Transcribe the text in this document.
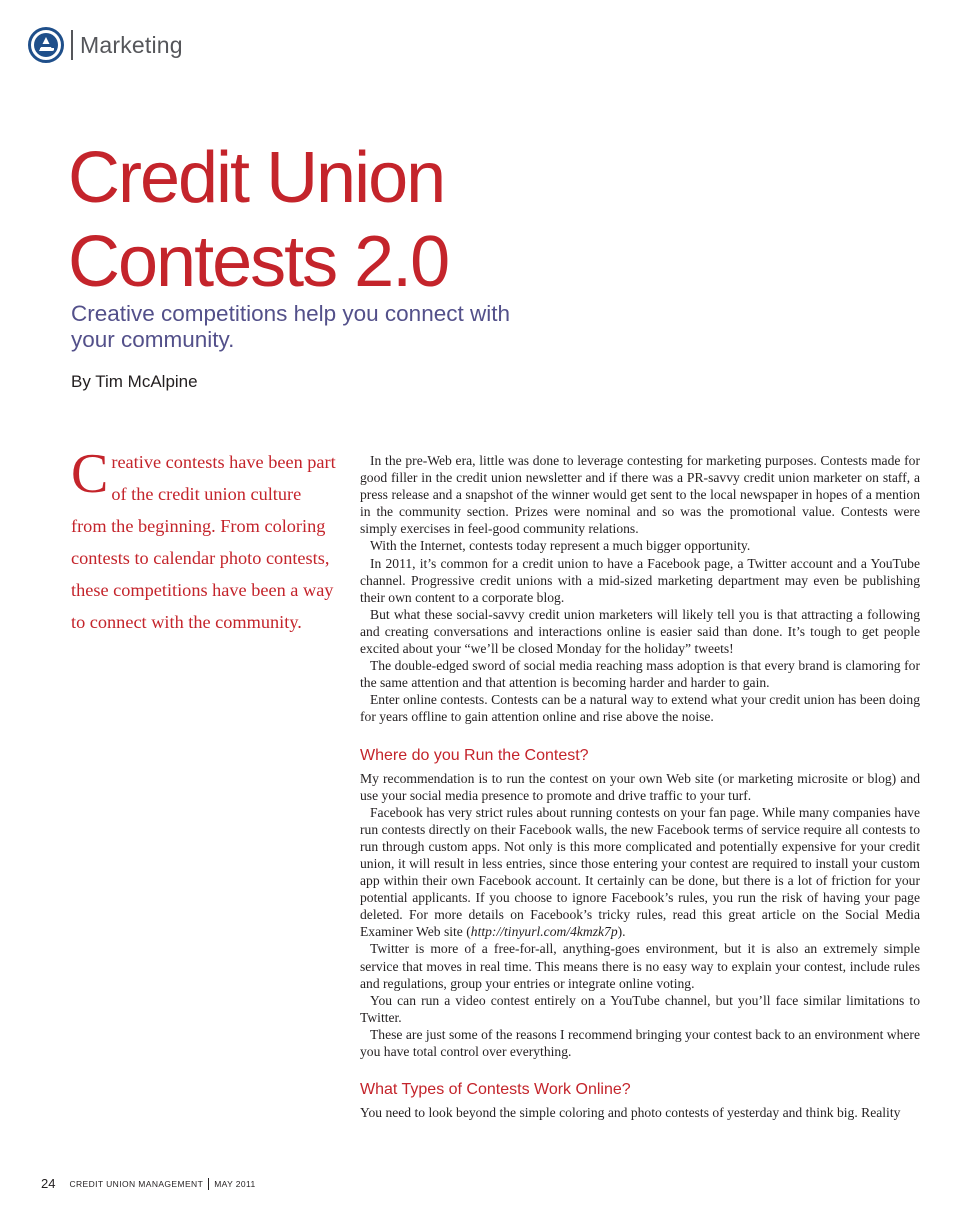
Marketing
Credit Union
Contests 2.0

Creative competitions help you connect with your community.

By Tim McAlpine

Creative contests have been part of the credit union culture from the beginning. From coloring contests to calendar photo contests, these competitions have been a way to connect with the community.

In the pre-Web era, little was done to leverage contesting for marketing purposes. Contests made for good filler in the credit union newsletter and if there was a PR-savvy credit union marketer on staff, a press release and a snapshot of the winner would get sent to the local newspaper in hopes of a mention in the community section. Prizes were nominal and so was the promotional value. Contests were simply exercises in feel-good community relations.

With the Internet, contests today represent a much bigger opportunity.

In 2011, it’s common for a credit union to have a Facebook page, a Twitter account and a YouTube channel. Progressive credit unions with a mid-sized marketing department may even be publishing their own content to a corporate blog.

But what these social-savvy credit union marketers will likely tell you is that attracting a following and creating conversations and interactions online is easier said than done. It’s tough to get people excited about your “we’ll be closed Monday for the holiday” tweets!

The double-edged sword of social media reaching mass adoption is that every brand is clamoring for the same attention and that attention is becoming harder and harder to gain.

Enter online contests. Contests can be a natural way to extend what your credit union has been doing for years offline to gain attention online and rise above the noise.

Where do you Run the Contest?

My recommendation is to run the contest on your own Web site (or marketing microsite or blog) and use your social media presence to promote and drive traffic to your turf.

Facebook has very strict rules about running contests on your fan page. While many companies have run contests directly on their Facebook walls, the new Facebook terms of service require all contests to run through custom apps. Not only is this more complicated and potentially expensive for your credit union, it will result in less entries, since those entering your contest are required to install your custom app within their own Facebook account. It certainly can be done, but there is a lot of friction for your potential applicants. If you choose to ignore Facebook’s rules, you run the risk of having your page deleted. For more details on Facebook’s tricky rules, read this great article on the Social Media Examiner Web site (http://tinyurl.com/4kmzk7p).

Twitter is more of a free-for-all, anything-goes environment, but it is also an extremely simple service that moves in real time. This means there is no easy way to explain your contest, include rules and regulations, group your entries or integrate online voting.

You can run a video contest entirely on a YouTube channel, but you’ll face similar limitations to Twitter.

These are just some of the reasons I recommend bringing your contest back to an environment where you have total control over everything.

What Types of Contests Work Online?

You need to look beyond the simple coloring and photo contests of yesterday and think big. Reality

24 CREDIT UNION MANAGEMENT MAY 2011
